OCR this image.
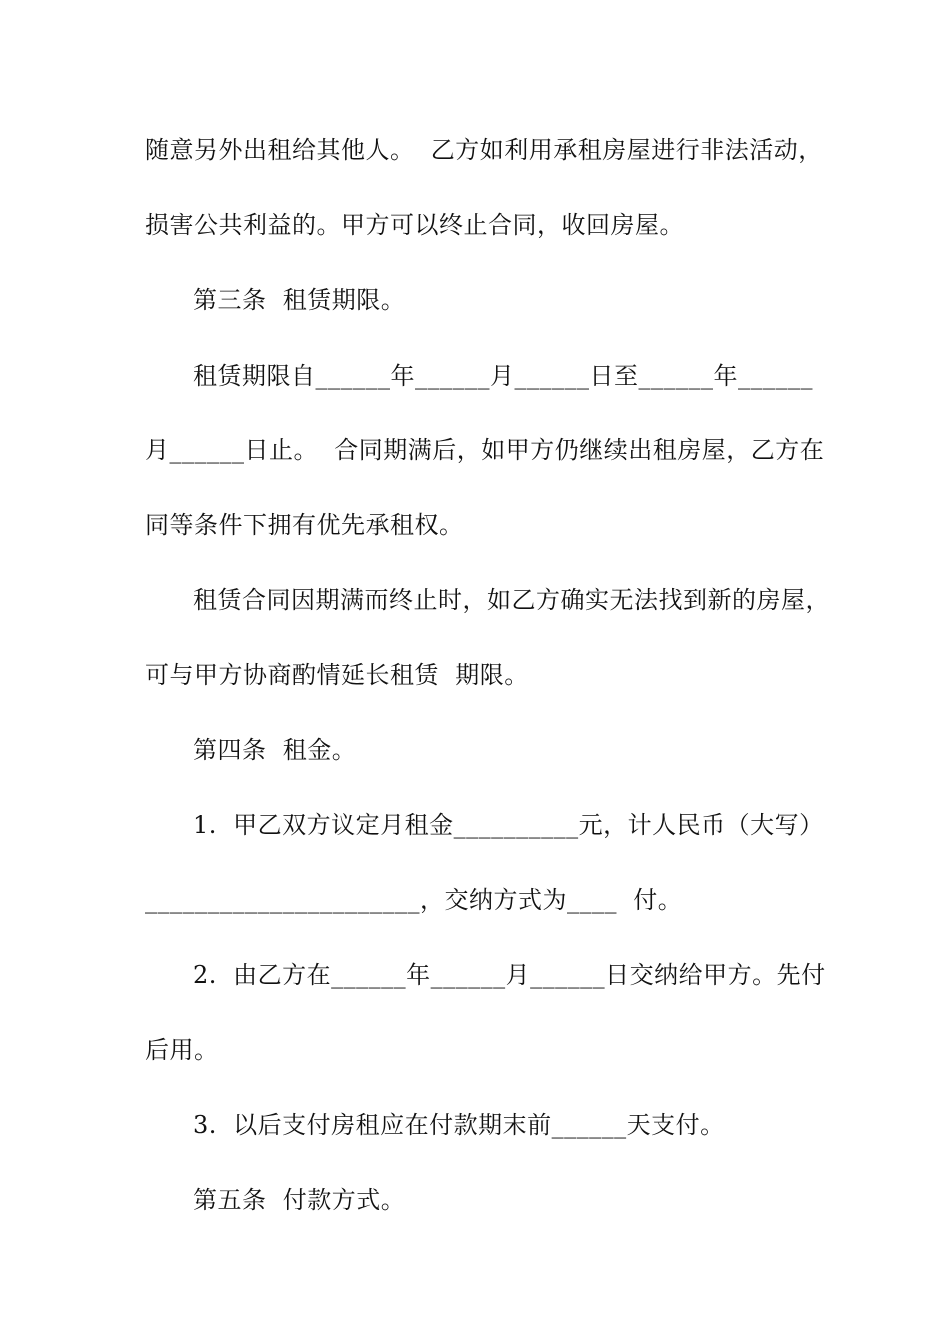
随意另外出租给其他人。  乙方如利用承租房屋进行非法活动，
损害公共利益的。甲方可以终止合同，收回房屋。
第三条  租赁期限。
租赁期限自______年______月______日至______年______
月______日止。  合同期满后，如甲方仍继续出租房屋，乙方在
同等条件下拥有优先承租权。
租赁合同因期满而终止时，如乙方确实无法找到新的房屋，
可与甲方协商酌情延长租赁  期限。
第四条  租金。
1.  甲乙双方议定月租金__________元，计人民币（大写）
______________________，交纳方式为____  付。
2.  由乙方在______年______月______日交纳给甲方。先付
后用。
3.  以后支付房租应在付款期末前______天支付。
第五条  付款方式。
